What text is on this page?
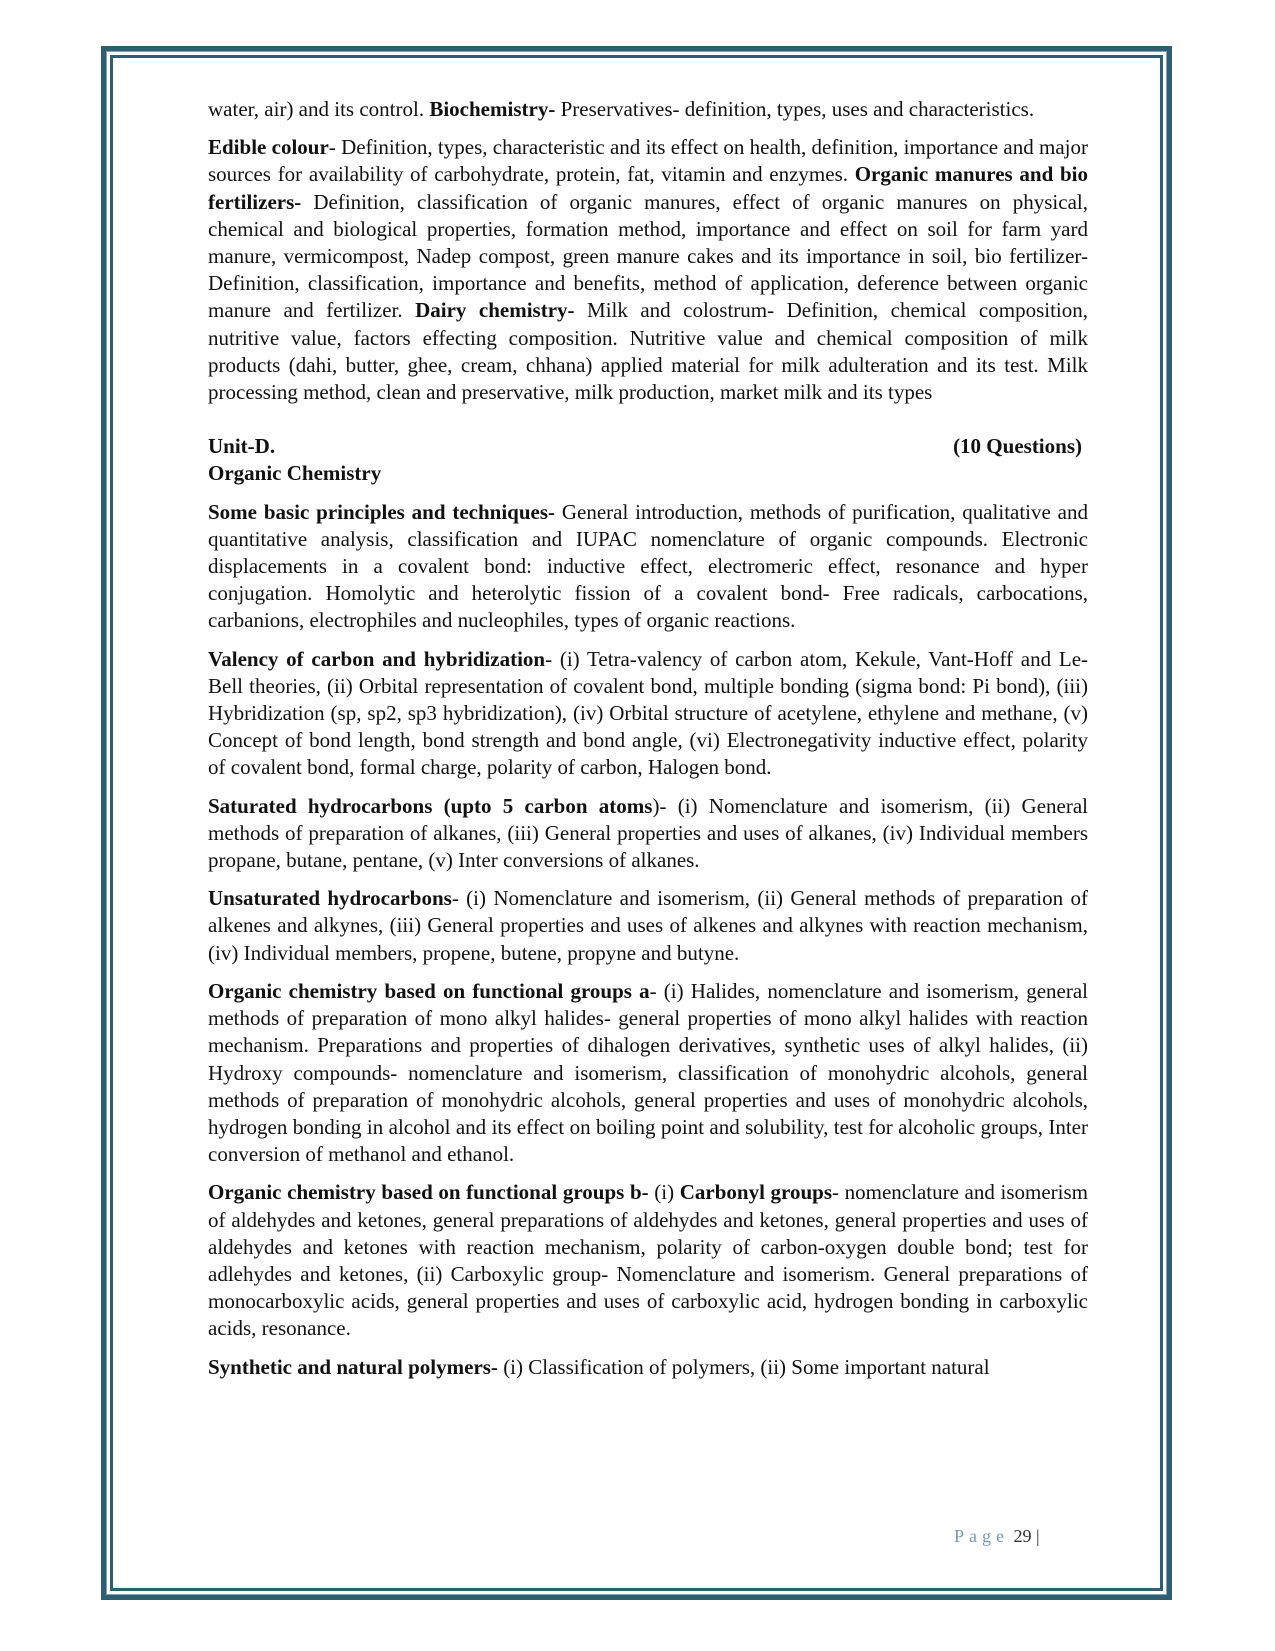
water, air) and its control. Biochemistry- Preservatives- definition, types, uses and characteristics.

Edible colour- Definition, types, characteristic and its effect on health, definition, importance and major sources for availability of carbohydrate, protein, fat, vitamin and enzymes. Organic manures and bio fertilizers- Definition, classification of organic manures, effect of organic manures on physical, chemical and biological properties, formation method, importance and effect on soil for farm yard manure, vermicompost, Nadep compost, green manure cakes and its importance in soil, bio fertilizer- Definition, classification, importance and benefits, method of application, deference between organic manure and fertilizer. Dairy chemistry- Milk and colostrum- Definition, chemical composition, nutritive value, factors effecting composition. Nutritive value and chemical composition of milk products (dahi, butter, ghee, cream, chhana) applied material for milk adulteration and its test. Milk processing method, clean and preservative, milk production, market milk and its types

Unit-D.	(10 Questions)

Organic Chemistry

Some basic principles and techniques- General introduction, methods of purification, qualitative and quantitative analysis, classification and IUPAC nomenclature of organic compounds. Electronic displacements in a covalent bond: inductive effect, electromeric effect, resonance and hyper conjugation. Homolytic and heterolytic fission of a covalent bond- Free radicals, carbocations, carbanions, electrophiles and nucleophiles, types of organic reactions.

Valency of carbon and hybridization- (i) Tetra-valency of carbon atom, Kekule, Vant-Hoff and Le-Bell theories, (ii) Orbital representation of covalent bond, multiple bonding (sigma bond: Pi bond), (iii) Hybridization (sp, sp2, sp3 hybridization), (iv) Orbital structure of acetylene, ethylene and methane, (v) Concept of bond length, bond strength and bond angle, (vi) Electronegativity inductive effect, polarity of covalent bond, formal charge, polarity of carbon, Halogen bond.

Saturated hydrocarbons (upto 5 carbon atoms)- (i) Nomenclature and isomerism, (ii) General methods of preparation of alkanes, (iii) General properties and uses of alkanes, (iv) Individual members propane, butane, pentane, (v) Inter conversions of alkanes.

Unsaturated hydrocarbons- (i) Nomenclature and isomerism, (ii) General methods of preparation of alkenes and alkynes, (iii) General properties and uses of alkenes and alkynes with reaction mechanism, (iv) Individual members, propene, butene, propyne and butyne.

Organic chemistry based on functional groups a- (i) Halides, nomenclature and isomerism, general methods of preparation of mono alkyl halides- general properties of mono alkyl halides with reaction mechanism. Preparations and properties of dihalogen derivatives, synthetic uses of alkyl halides, (ii) Hydroxy compounds- nomenclature and isomerism, classification of monohydric alcohols, general methods of preparation of monohydric alcohols, general properties and uses of monohydric alcohols, hydrogen bonding in alcohol and its effect on boiling point and solubility, test for alcoholic groups, Inter conversion of methanol and ethanol.

Organic chemistry based on functional groups b- (i) Carbonyl groups- nomenclature and isomerism of aldehydes and ketones, general preparations of aldehydes and ketones, general properties and uses of aldehydes and ketones with reaction mechanism, polarity of carbon-oxygen double bond; test for adlehydes and ketones, (ii) Carboxylic group- Nomenclature and isomerism. General preparations of monocarboxylic acids, general properties and uses of carboxylic acid, hydrogen bonding in carboxylic acids, resonance.

Synthetic and natural polymers- (i) Classification of polymers, (ii) Some important natural

Page 29 |
